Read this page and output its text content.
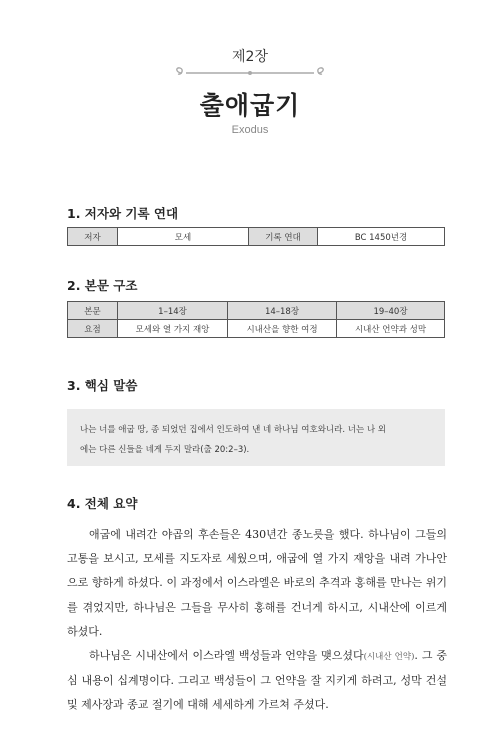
제2장
출애굽기
Exodus
1. 저자와 기록 연대
저자	모세	기록 연대	BC 1450년경
2. 본문 구조
본문	1–14장	14–18장	19–40장
요점	모세와 열 가지 재앙	시내산을 향한 여정	시내산 언약과 성막
3. 핵심 말씀

나는 너를 애굽 땅, 종 되었던 집에서 인도하여 낸 네 하나님 여호와니라. 너는 나 외

에는 다른 신들을 네게 두지 말라(출 20:2–3).

4. 전체 요약

애굽에 내려간 야곱의 후손들은 430년간 종노릇을 했다. 하나님이 그들의 고통을 보시고, 모세를 지도자로 세웠으며, 애굽에 열 가지 재앙을 내려 가나안으로 향하게 하셨다. 이 과정에서 이스라엘은 바로의 추격과 홍해를 만나는 위기를 겪었지만, 하나님은 그들을 무사히 홍해를 건너게 하시고, 시내산에 이르게 하셨다.

하나님은 시내산에서 이스라엘 백성들과 언약을 맺으셨다(시내산 언약). 그 중심 내용이 십계명이다. 그리고 백성들이 그 언약을 잘 지키게 하려고, 성막 건설 및 제사장과 종교 절기에 대해 세세하게 가르쳐 주셨다.
